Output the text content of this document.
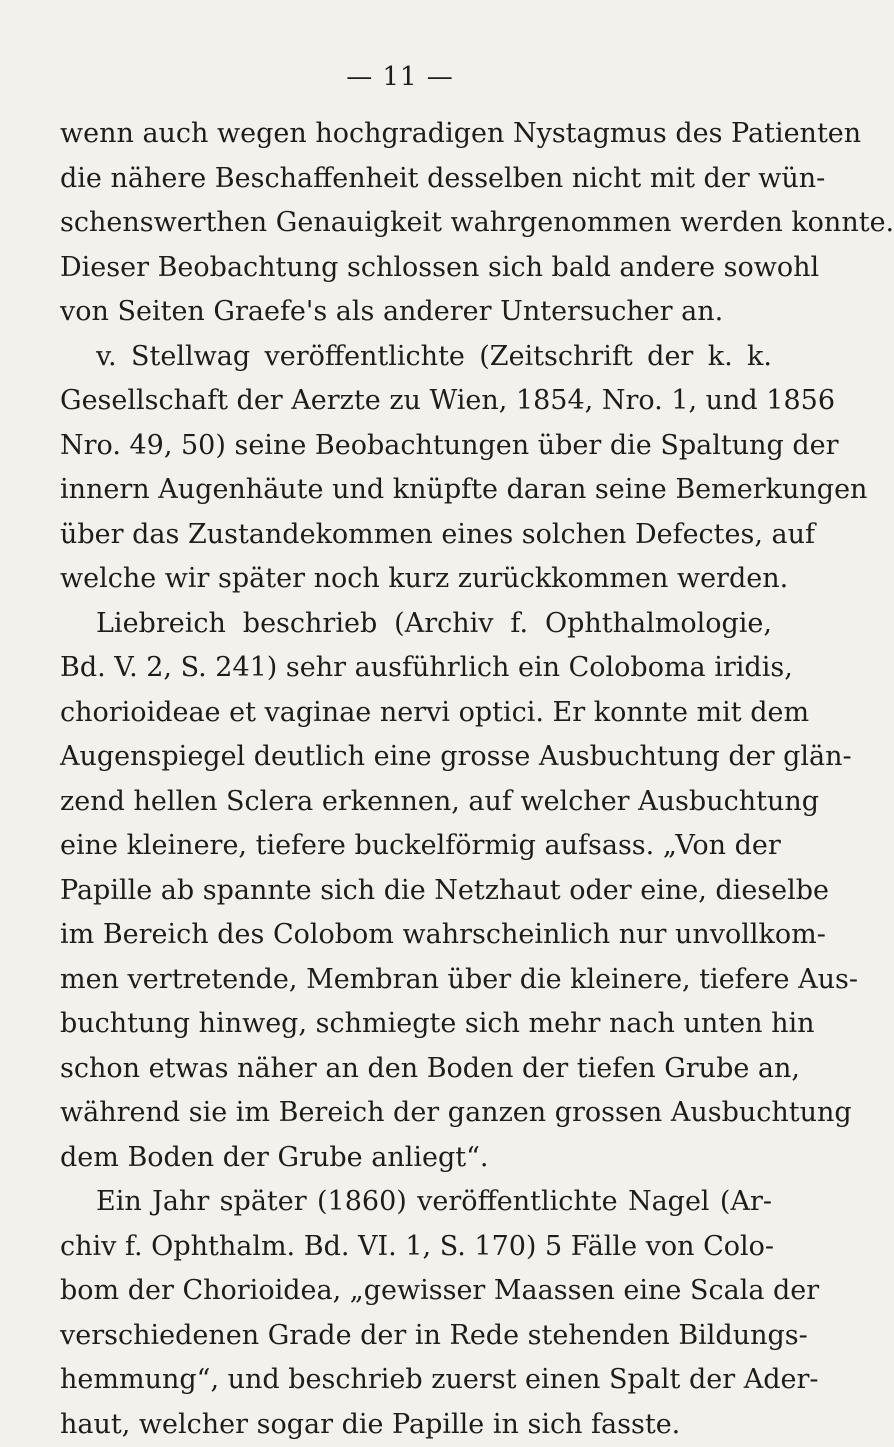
— 11 —
wenn auch wegen hochgradigen Nystagmus des Patienten
die nähere Beschaffenheit desselben nicht mit der wün-
schenswerthen Genauigkeit wahrgenommen werden konnte.
Dieser Beobachtung schlossen sich bald andere sowohl
von Seiten Graefe's als anderer Untersucher an.
v. Stellwag veröffentlichte (Zeitschrift der k. k.
Gesellschaft der Aerzte zu Wien, 1854, Nro. 1, und 1856
Nro. 49, 50) seine Beobachtungen über die Spaltung der
innern Augenhäute und knüpfte daran seine Bemerkungen
über das Zustandekommen eines solchen Defectes, auf
welche wir später noch kurz zurückkommen werden.
Liebreich beschrieb (Archiv f. Ophthalmologie,
Bd. V. 2, S. 241) sehr ausführlich ein Coloboma iridis,
chorioideae et vaginae nervi optici. Er konnte mit dem
Augenspiegel deutlich eine grosse Ausbuchtung der glän-
zend hellen Sclera erkennen, auf welcher Ausbuchtung
eine kleinere, tiefere buckelförmig aufsass. „Von der
Papille ab spannte sich die Netzhaut oder eine, dieselbe
im Bereich des Colobom wahrscheinlich nur unvollkom-
men vertretende, Membran über die kleinere, tiefere Aus-
buchtung hinweg, schmiegte sich mehr nach unten hin
schon etwas näher an den Boden der tiefen Grube an,
während sie im Bereich der ganzen grossen Ausbuchtung
dem Boden der Grube anliegt“.
Ein Jahr später (1860) veröffentlichte Nagel (Ar-
chiv f. Ophthalm. Bd. VI. 1, S. 170) 5 Fälle von Colo-
bom der Chorioidea, „gewisser Maassen eine Scala der
verschiedenen Grade der in Rede stehenden Bildungs-
hemmung“, und beschrieb zuerst einen Spalt der Ader-
haut, welcher sogar die Papille in sich fasste.
